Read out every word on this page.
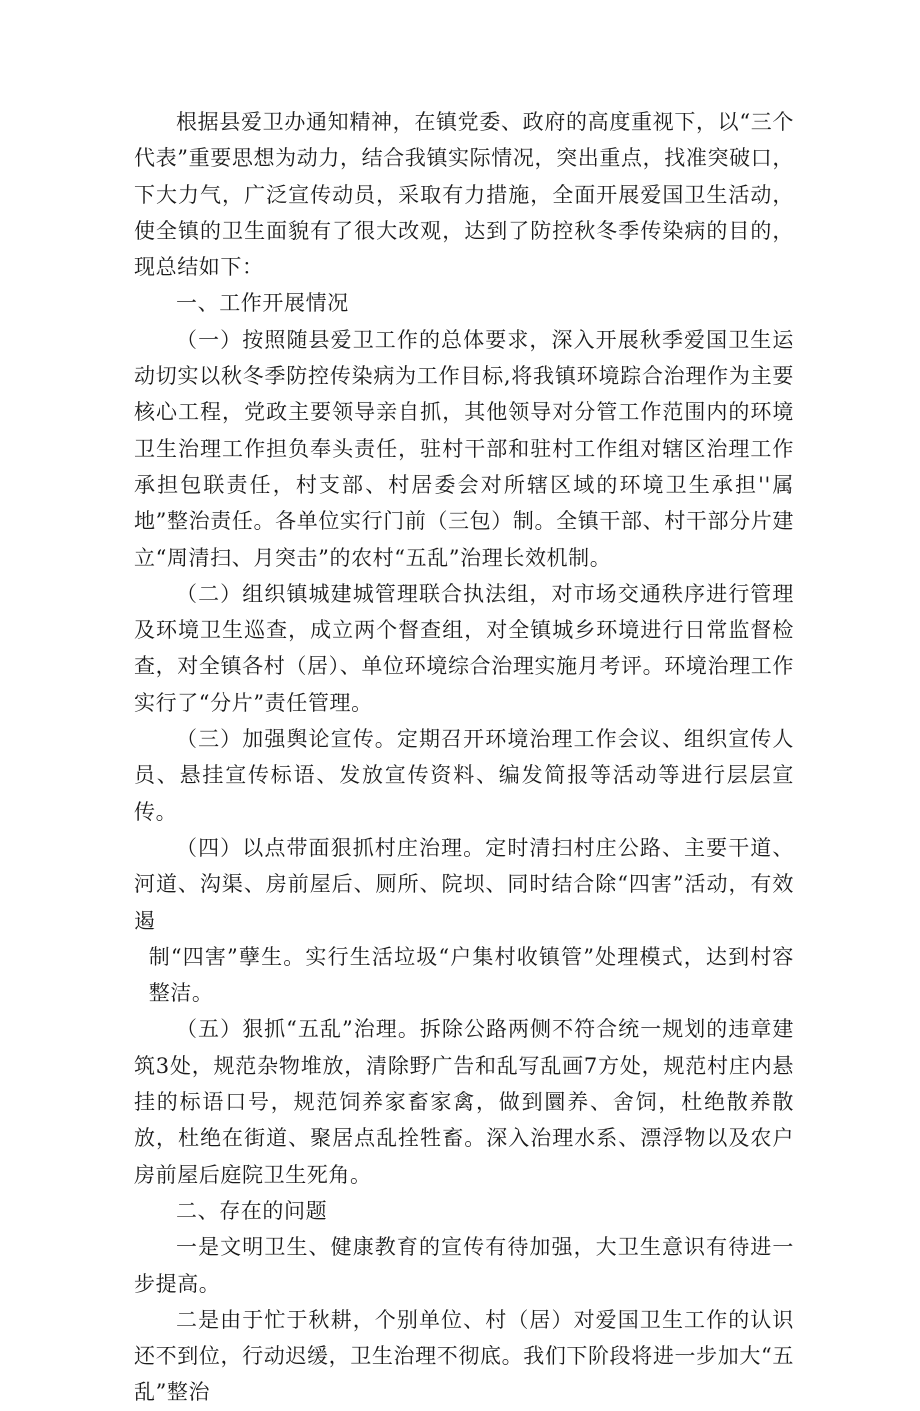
根据县爱卫办通知精神，在镇党委、政府的高度重视下，以“三个代表”重要思想为动力，结合我镇实际情况，突出重点，找准突破口，下大力气，广泛宣传动员，采取有力措施，全面开展爱国卫生活动，使全镇的卫生面貌有了很大改观，达到了防控秋冬季传染病的目的，现总结如下：

一、工作开展情况

（一）按照随县爱卫工作的总体要求，深入开展秋季爱国卫生运动切实以秋冬季防控传染病为工作目标,将我镇环境踪合治理作为主要核心工程，党政主要领导亲自抓，其他领导对分管工作范围内的环境卫生治理工作担负奉头责任，驻村干部和驻村工作组对辖区治理工作承担包联责任，村支部、村居委会对所辖区域的环境卫生承担''属地”整治责任。各单位实行门前（三包）制。全镇干部、村干部分片建立“周清扫、月突击”的农村“五乱”治理长效机制。

（二）组织镇城建城管理联合执法组，对市场交通秩序进行管理及环境卫生巡查，成立两个督查组，对全镇城乡环境进行日常监督检查，对全镇各村（居）、单位环境综合治理实施月考评。环境治理工作实行了“分片”责任管理。

（三）加强舆论宣传。定期召开环境治理工作会议、组织宣传人员、悬挂宣传标语、发放宣传资料、编发简报等活动等进行层层宣传。

（四）以点带面狠抓村庄治理。定时清扫村庄公路、主要干道、河道、沟渠、房前屋后、厕所、院坝、同时结合除“四害”活动，有效遏

制“四害”孽生。实行生活垃圾“户集村收镇管”处理模式，达到村容整洁。

（五）狠抓“五乱”治理。拆除公路两侧不符合统一规划的违章建筑3处，规范杂物堆放，清除野广告和乱写乱画7方处，规范村庄内悬挂的标语口号，规范饲养家畜家禽，做到圜养、舍饲，杜绝散养散放，杜绝在街道、聚居点乱拴牲畜。深入治理水系、漂浮物以及农户房前屋后庭院卫生死角。

二、存在的问题

一是文明卫生、健康教育的宣传有待加强，大卫生意识有待进一步提高。

二是由于忙于秋耕，个别单位、村（居）对爱国卫生工作的认识还不到位，行动迟缓，卫生治理不彻底。我们下阶段将进一步加大“五乱”整治
